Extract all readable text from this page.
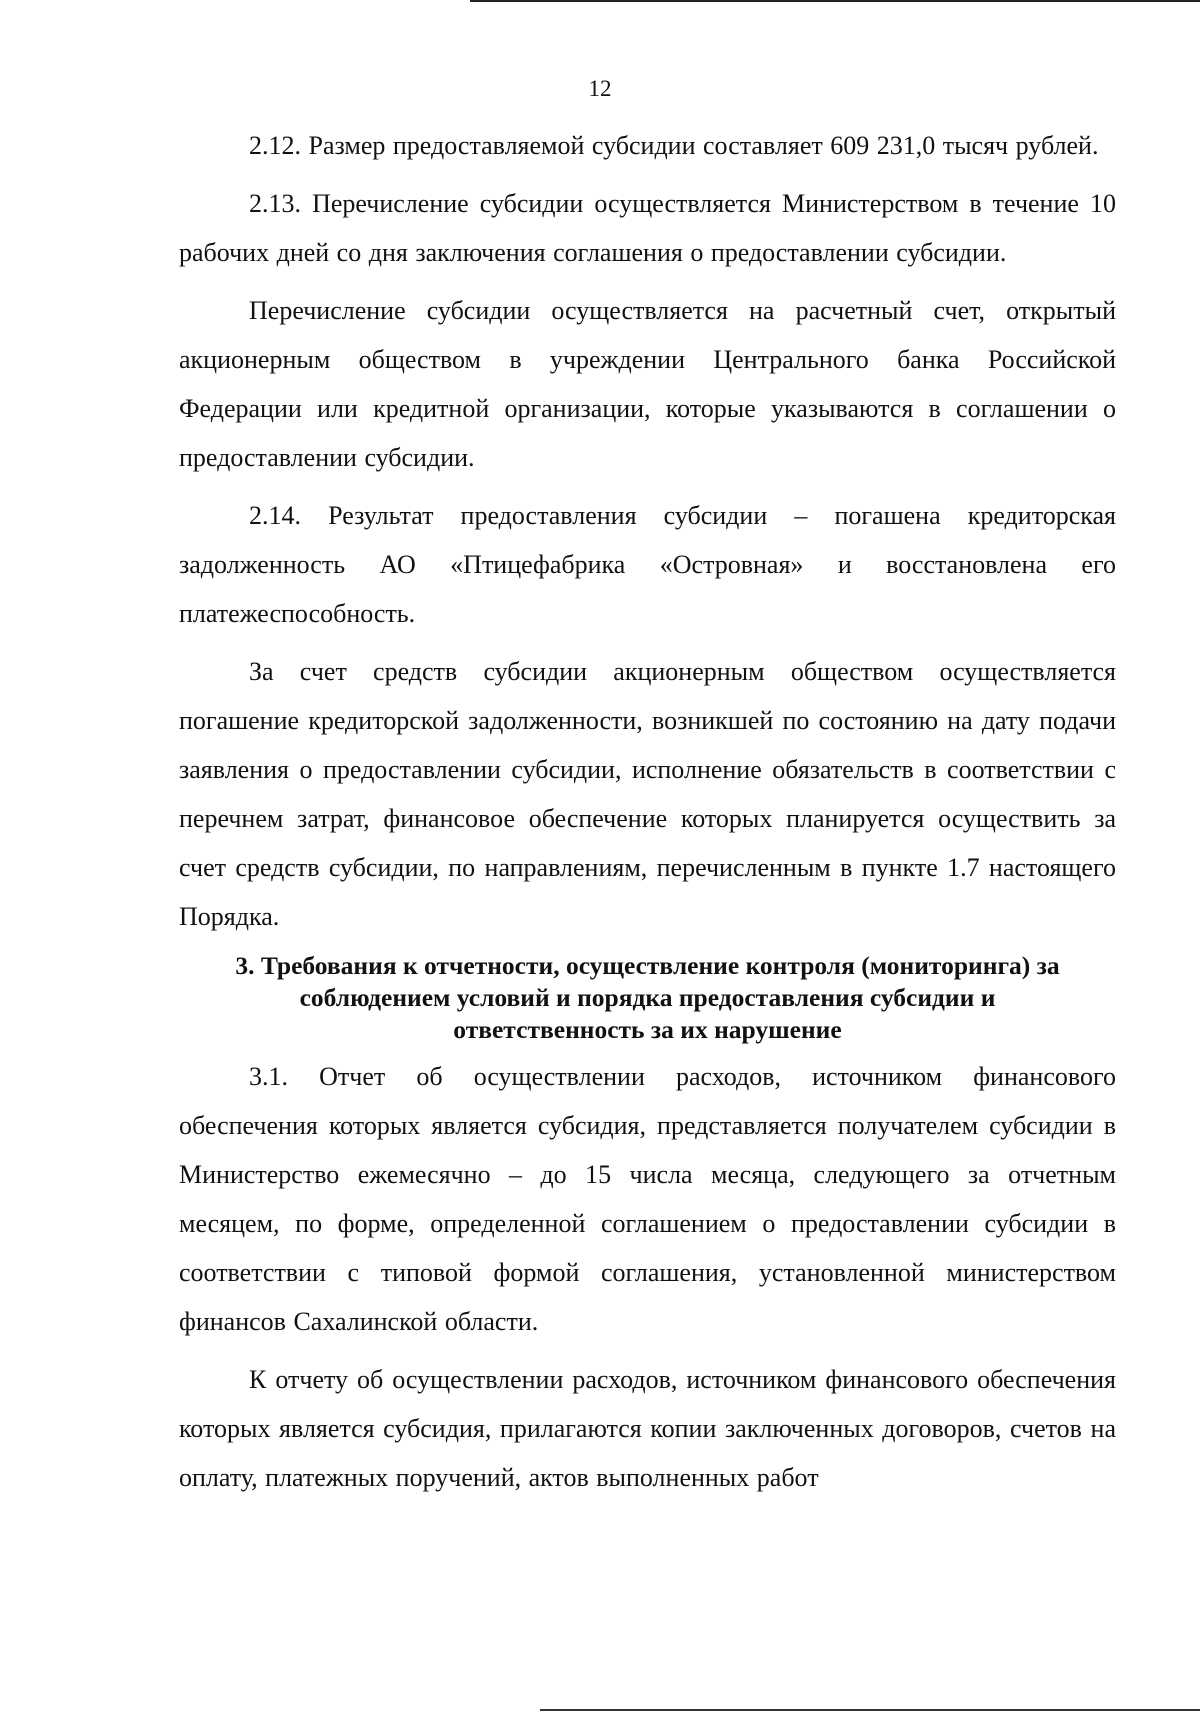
12

2.12. Размер предоставляемой субсидии составляет 609 231,0 тысяч рублей.

2.13. Перечисление субсидии осуществляется Министерством в течение 10 рабочих дней со дня заключения соглашения о предоставлении субсидии.

Перечисление субсидии осуществляется на расчетный счет, открытый акционерным обществом в учреждении Центрального банка Российской Федерации или кредитной организации, которые указываются в соглашении о предоставлении субсидии.

2.14. Результат предоставления субсидии – погашена кредиторская задолженность АО «Птицефабрика «Островная» и восстановлена его платежеспособность.

За счет средств субсидии акционерным обществом осуществляется погашение кредиторской задолженности, возникшей по состоянию на дату подачи заявления о предоставлении субсидии, исполнение обязательств в соответствии с перечнем затрат, финансовое обеспечение которых планируется осуществить за счет средств субсидии, по направлениям, перечисленным в пункте 1.7 настоящего Порядка.

3. Требования к отчетности, осуществление контроля (мониторинга) за
соблюдением условий и порядка предоставления субсидии и
ответственность за их нарушение

3.1. Отчет об осуществлении расходов, источником финансового обеспечения которых является субсидия, представляется получателем субсидии в Министерство ежемесячно – до 15 числа месяца, следующего за отчетным месяцем, по форме, определенной соглашением о предоставлении субсидии в соответствии с типовой формой соглашения, установленной министерством финансов Сахалинской области.

К отчету об осуществлении расходов, источником финансового обеспечения которых является субсидия, прилагаются копии заключенных договоров, счетов на оплату, платежных поручений, актов выполненных работ
